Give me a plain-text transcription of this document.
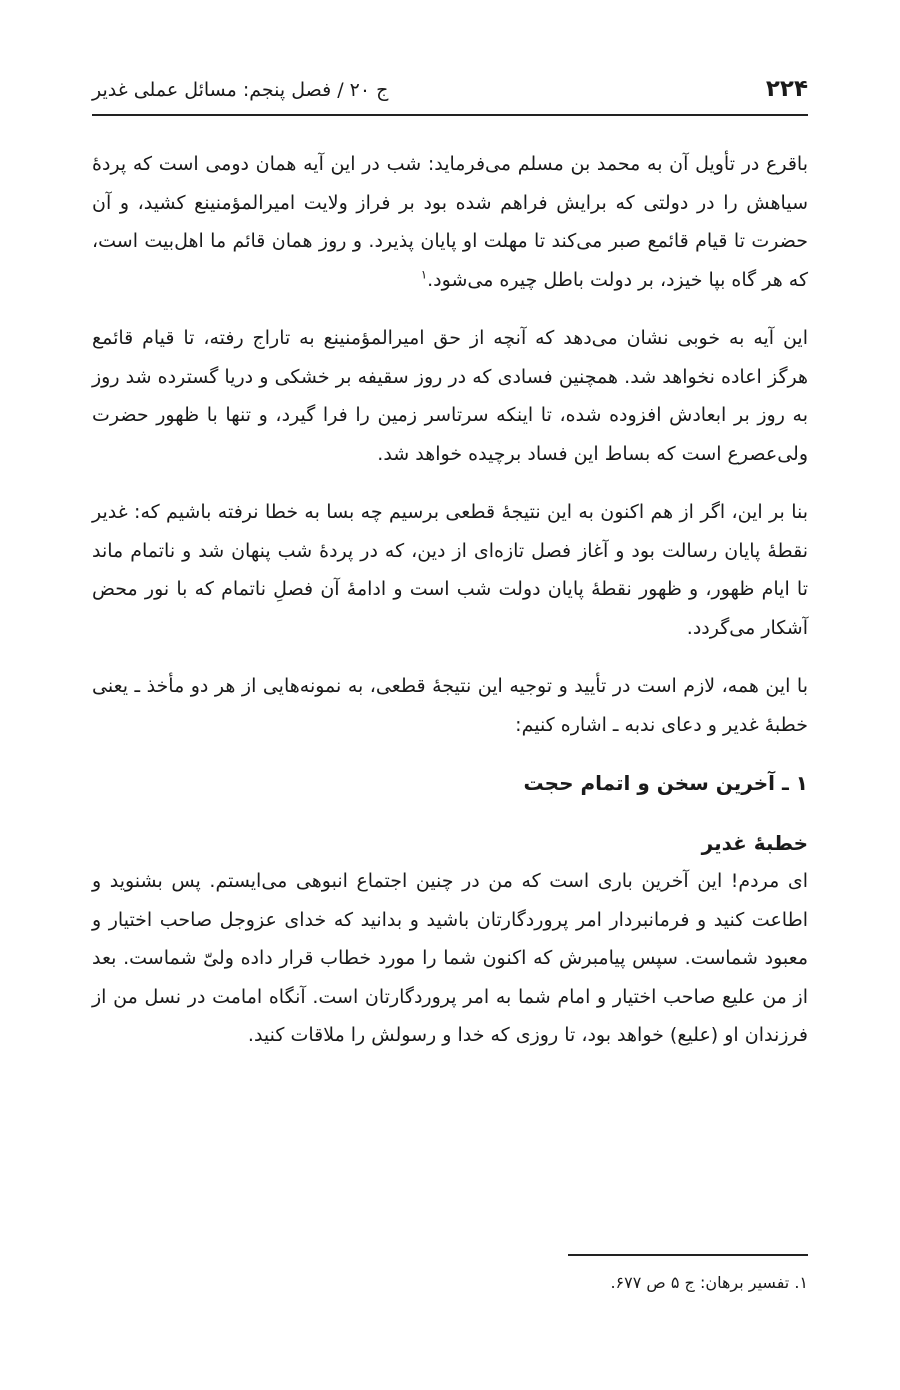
۲۲۴
ج ۲۰ / فصل پنجم: مسائل عملی غدیر

باقرع در تأویل آن به محمد بن مسلم می‌فرماید: شب در این آیه همان دومی است که پردهٔ سیاهش را در دولتی که برایش فراهم شده بود بر فراز ولایت امیرالمؤمنینع کشید، و آن حضرت تا قیام قائمع صبر می‌کند تا مهلت او پایان پذیرد. و روز همان قائم ما اهل‌بیت است، که هر گاه بپا خیزد، بر دولت باطل چیره می‌شود.$^۱$

این آیه به خوبی نشان می‌دهد که آنچه از حق امیرالمؤمنینع به تاراج رفته، تا قیام قائمع هرگز اعاده نخواهد شد. همچنین فسادی که در روز سقیفه بر خشکی و دریا گسترده شد روز به روز بر ابعادش افزوده شده، تا اینکه سرتاسر زمین را فرا گیرد، و تنها با ظهور حضرت ولی‌عصرع است که بساط این فساد برچیده خواهد شد.

بنا بر این، اگر از هم اکنون به این نتیجهٔ قطعی برسیم چه بسا به خطا نرفته باشیم که: غدیر نقطهٔ پایان رسالت بود و آغاز فصل تازه‌ای از دین، که در پردهٔ شب پنهان شد و ناتمام ماند تا ایام ظهور، و ظهور نقطهٔ پایان دولت شب است و ادامهٔ آن فصلِ ناتمام که با نور محض آشکار می‌گردد.

با این همه، لازم است در تأیید و توجیه این نتیجهٔ قطعی، به نمونه‌هایی از هر دو مأخذ ـ یعنی خطبهٔ غدیر و دعای ندبه ـ اشاره کنیم:

۱ ـ آخرین سخن و اتمام حجت
خطبهٔ غدیر

ای مردم! این آخرین باری است که من در چنین اجتماع انبوهی می‌ایستم. پس بشنوید و اطاعت کنید و فرمانبردار امر پروردگارتان باشید و بدانید که خدای عزوجل صاحب اختیار و معبود شماست. سپس پیامبرش که اکنون شما را مورد خطاب قرار داده ولیّ شماست. بعد از من علیع صاحب اختیار و امام شما به امر پروردگارتان است. آنگاه امامت در نسل من از فرزندان او (علیع) خواهد بود، تا روزی که خدا و رسولش را ملاقات کنید.

۱. تفسیر برهان: ج ۵ ص ۶۷۷.
